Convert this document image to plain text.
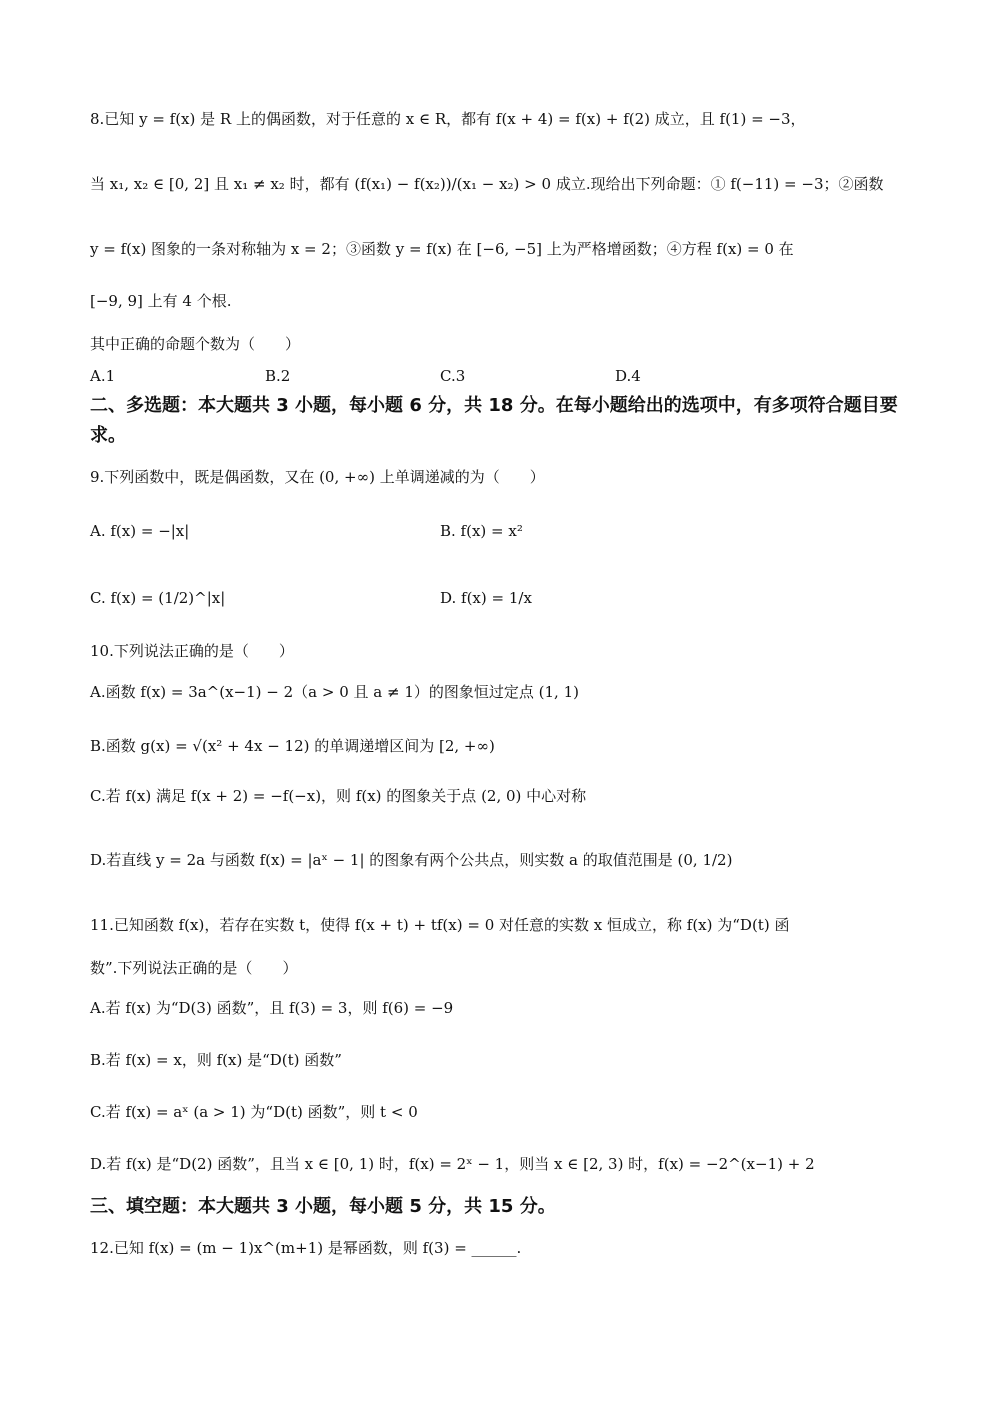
8.已知 y = f(x) 是 R 上的偶函数，对于任意的 x ∈ R，都有 f(x + 4) = f(x) + f(2) 成立，且 f(1) = −3，
当 x₁, x₂ ∈ [0, 2] 且 x₁ ≠ x₂ 时，都有 (f(x₁) − f(x₂))/(x₁ − x₂) > 0 成立.现给出下列命题：① f(−11) = −3；②函数
y = f(x) 图象的一条对称轴为 x = 2；③函数 y = f(x) 在 [−6, −5] 上为严格增函数；④方程 f(x) = 0 在
[−9, 9] 上有 4 个根.
其中正确的命题个数为（　　）
A.1	B.2	C.3	D.4
二、多选题：本大题共 3 小题，每小题 6 分，共 18 分。在每小题给出的选项中，有多项符合题目要求。
9.下列函数中，既是偶函数，又在 (0, +∞) 上单调递减的为（　　）
A. f(x) = −|x|	B. f(x) = x²
C. f(x) = (1/2)^|x|	D. f(x) = 1/x
10.下列说法正确的是（　　）
A.函数 f(x) = 3a^(x−1) − 2（a > 0 且 a ≠ 1）的图象恒过定点 (1, 1)
B.函数 g(x) = √(x² + 4x − 12) 的单调递增区间为 [2, +∞)
C.若 f(x) 满足 f(x + 2) = −f(−x)，则 f(x) 的图象关于点 (2, 0) 中心对称
D.若直线 y = 2a 与函数 f(x) = |aˣ − 1| 的图象有两个公共点，则实数 a 的取值范围是 (0, 1/2)
11.已知函数 f(x)，若存在实数 t，使得 f(x + t) + tf(x) = 0 对任意的实数 x 恒成立，称 f(x) 为“D(t) 函
数”.下列说法正确的是（　　）
A.若 f(x) 为“D(3) 函数”，且 f(3) = 3，则 f(6) = −9
B.若 f(x) = x，则 f(x) 是“D(t) 函数”
C.若 f(x) = aˣ (a > 1) 为“D(t) 函数”，则 t < 0
D.若 f(x) 是“D(2) 函数”，且当 x ∈ [0, 1) 时，f(x) = 2ˣ − 1，则当 x ∈ [2, 3) 时，f(x) = −2^(x−1) + 2
三、填空题：本大题共 3 小题，每小题 5 分，共 15 分。
12.已知 f(x) = (m − 1)x^(m+1) 是幂函数，则 f(3) = ______.
